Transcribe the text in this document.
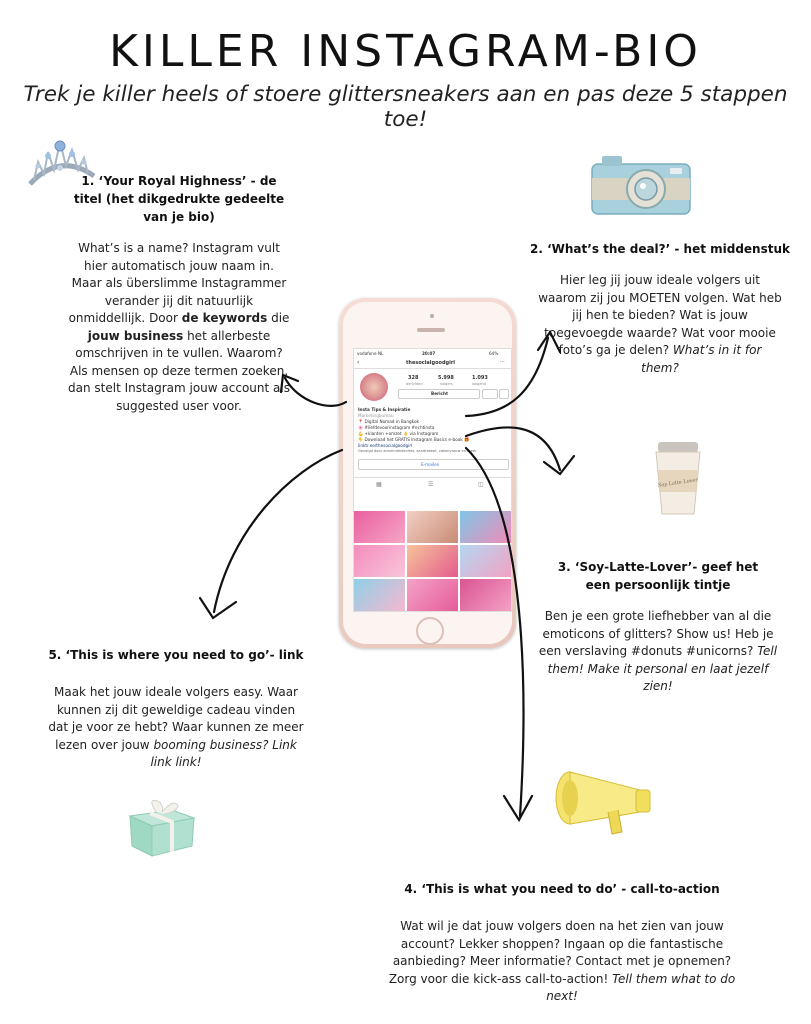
KILLER INSTAGRAM-BIO
Trek je killer heels of stoere glittersneakers aan en pas deze 5 stappen toe!
1. ‘Your Royal Highness’ - de titel (het dikgedrukte gedeelte van je bio)

What’s is a name? Instagram vult hier automatisch jouw naam in. Maar als überslimme Instagrammer verander jij dit natuurlijk onmiddellijk. Door de keywords die jouw business het allerbeste omschrijven in te vullen. Waarom? Als mensen op deze termen zoeken, dan stelt Instagram jouw account als suggested user voor.

2. ‘What’s the deal?’ - het middenstuk

Hier leg jij jouw ideale volgers uit waarom zij jou MOETEN volgen. Wat heb jij hen te bieden? Wat is jouw toegevoegde waarde? Wat voor mooie foto’s ga je delen? What’s in it for them?

Soy Latte Lover
3. ‘Soy-Latte-Lover’- geef het een persoonlijk tintje

Ben je een grote liefhebber van al die emoticons of glitters? Show us! Heb je een verslaving #donuts #unicorns? Tell them! Make it personal en laat jezelf zien!

5. ‘This is where you need to go’- link

Maak het jouw ideale volgers easy. Waar kunnen zij dit geweldige cadeau vinden dat je voor ze hebt? Waar kunnen ze meer lezen over jouw booming business? Link link link!

4. ‘This is what you need to do’ - call-to-action

Wat wil je dat jouw volgers doen na het zien van jouw account? Lekker shoppen? Ingaan op die fantastische aanbieding? Meer informatie? Contact met je opnemen? Zorg voor die kick-ass call-to-action! Tell them what to do next!

vodafone NL	20:07	64%
‹	thesocialgoodgirl	⋯
328
berichten
5.998
volgers
1.093
volgend
Bericht
Insta Tips & Inspiratie
Marketingbureau
📍 Digital Nomad in Bangkok
🌸 #liefdevoorinstagram #echtinsta
💪 +klanten +omzet 👌 via Instagram
👇 Download het GRATIS Instagram Basics e-book 🎁
linktr.ee/thesocialgoodgirl
Gevolgd door annemiekdevries, sandrakeet, zakenvrouw en meer
E-mailen
▦	☰	◫
